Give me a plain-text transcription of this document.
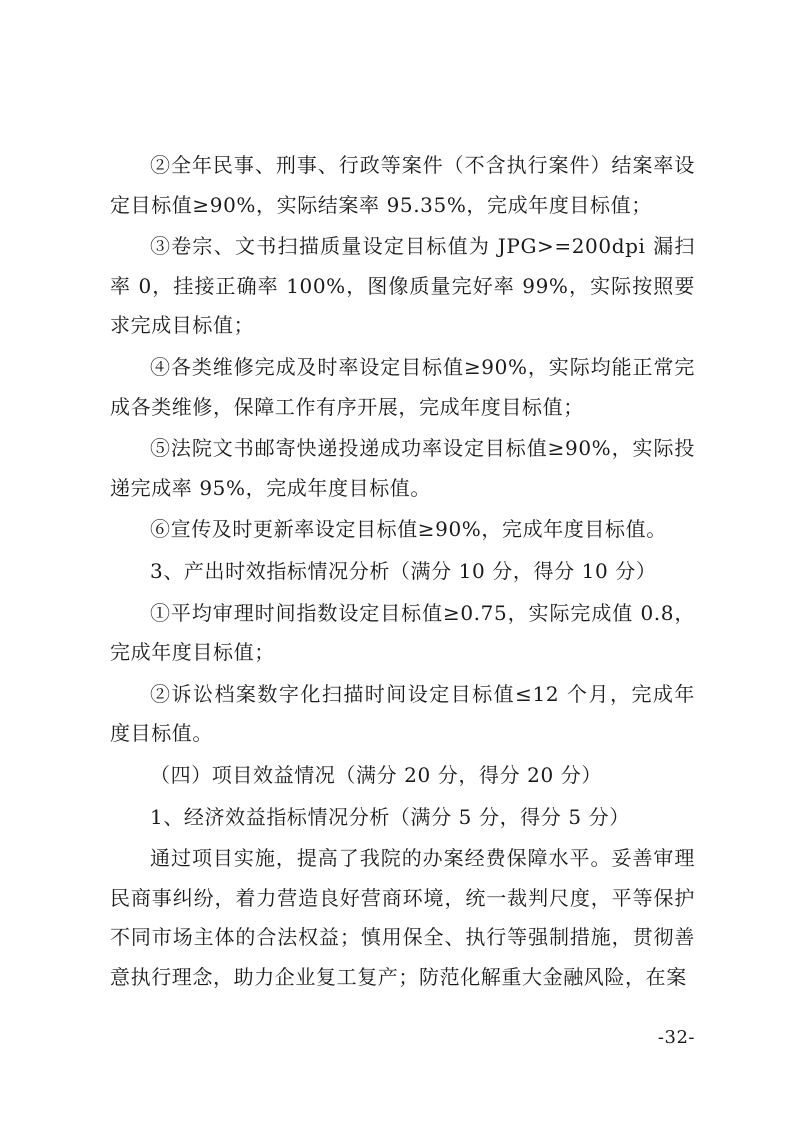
②全年民事、刑事、行政等案件（不含执行案件）结案率设定目标值≥90%，实际结案率 95.35%，完成年度目标值；

③卷宗、文书扫描质量设定目标值为 JPG>=200dpi 漏扫率 0，挂接正确率 100%，图像质量完好率 99%，实际按照要求完成目标值；

④各类维修完成及时率设定目标值≥90%，实际均能正常完成各类维修，保障工作有序开展，完成年度目标值；

⑤法院文书邮寄快递投递成功率设定目标值≥90%，实际投递完成率 95%，完成年度目标值。

⑥宣传及时更新率设定目标值≥90%，完成年度目标值。

3、产出时效指标情况分析（满分 10 分，得分 10 分）

①平均审理时间指数设定目标值≥0.75，实际完成值 0.8，完成年度目标值；

②诉讼档案数字化扫描时间设定目标值≤12 个月，完成年度目标值。

（四）项目效益情况（满分 20 分，得分 20 分）

1、经济效益指标情况分析（满分 5 分，得分 5 分）

通过项目实施，提高了我院的办案经费保障水平。妥善审理民商事纠纷，着力营造良好营商环境，统一裁判尺度，平等保护不同市场主体的合法权益；慎用保全、执行等强制措施，贯彻善意执行理念，助力企业复工复产；防范化解重大金融风险，在案

-32-
